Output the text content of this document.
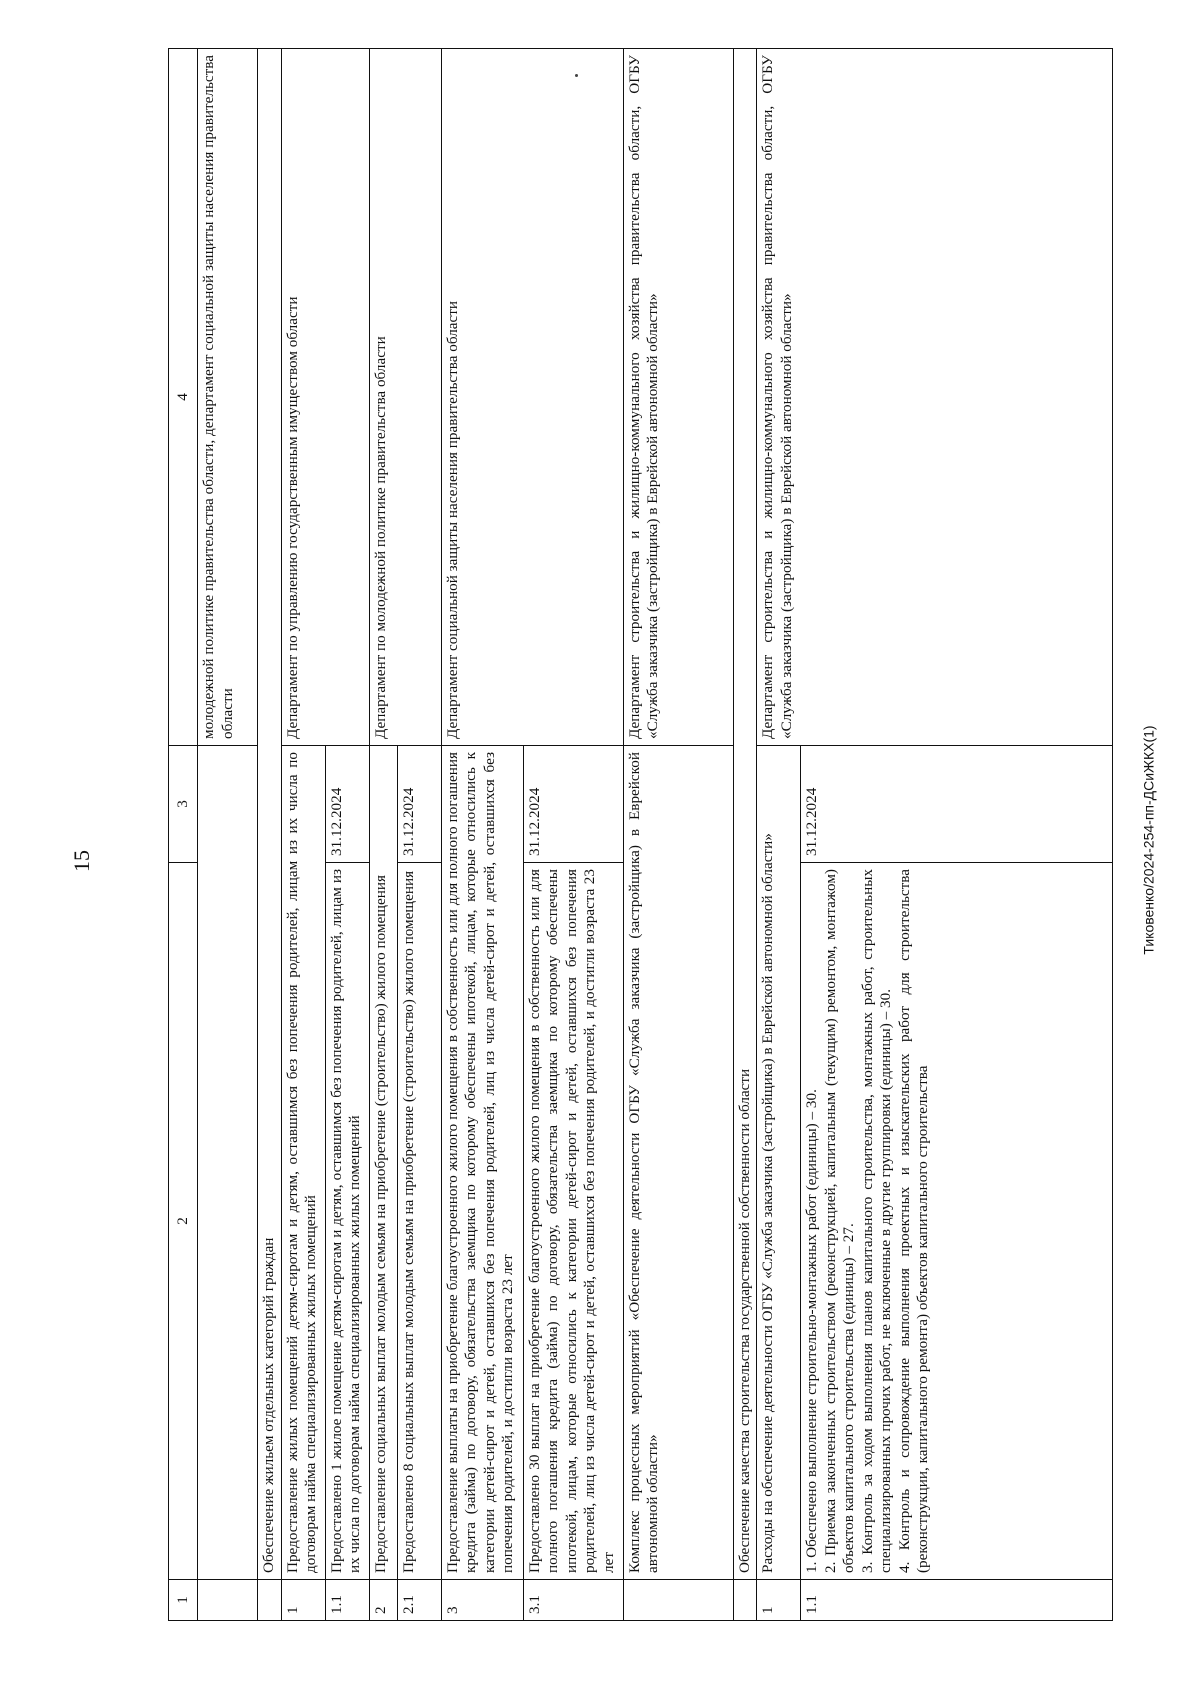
15	Тиковенко/2024-254-пп-ДСиЖКХ(1)
1	2	3	4
			молодежной политике правительства области, департамент социальной защиты населения правительства области
	Обеспечение жильем отдельных категорий граждан		
1	Предоставление жилых помещений детям-сиротам и детям, оставшимся без попечения родителей, лицам из их числа по договорам найма специализированных жилых помещений		Департамент по управлению государственным имуществом области
1.1	Предоставлено 1 жилое помещение детям-сиротам и детям, оставшимся без попечения родителей, лицам из их числа по договорам найма специализированных жилых помещений	31.12.2024	
2	Предоставление социальных выплат молодым семьям на приобретение (строительство) жилого помещения		Департамент по молодежной политике правительства области
2.1	Предоставлено 8 социальных выплат молодым семьям на приобретение (строительство) жилого помещения	31.12.2024	
3	Предоставление выплаты на приобретение благоустроенного жилого помещения в собственность или для полного погашения кредита (займа) по договору, обязательства заемщика по которому обеспечены ипотекой, лицам, которые относились к категории детей-сирот и детей, оставшихся без попечения родителей, лиц из числа детей-сирот и детей, оставшихся без попечения родителей, и достигли возраста 23 лет		Департамент социальной защиты населения правительства области
3.1	Предоставлено 30 выплат на приобретение благоустроенного жилого помещения в собственность или для полного погашения кредита (займа) по договору, обязательства заемщика по которому обеспечены ипотекой, лицам, которые относились к категории детей-сирот и детей, оставшихся без попечения родителей, лиц из числа детей-сирот и детей, оставшихся без попечения родителей, и достигли возраста 23 лет	31.12.2024	
	Комплекс процессных мероприятий «Обеспечение деятельности ОГБУ «Служба заказчика (застройщика) в Еврейской автономной области»		Департамент строительства и жилищно-коммунального хозяйства правительства области, ОГБУ «Служба заказчика (застройщика) в Еврейской автономной области»
	Обеспечение качества строительства государственной собственности области		
1	Расходы на обеспечение деятельности ОГБУ «Служба заказчика (застройщика) в Еврейской автономной области»		Департамент строительства и жилищно-коммунального хозяйства правительства области, ОГБУ «Служба заказчика (застройщика) в Еврейской автономной области»
1.1	1. Обеспечено выполнение строительно-монтажных работ (единицы) – 30. 2. Приемка законченных строительством (реконструкцией, капитальным (текущим) ремонтом, монтажом) объектов капитального строительства (единицы) – 27. 3. Контроль за ходом выполнения планов капитального строительства, монтажных работ, строительных специализированных прочих работ, не включенные в другие группировки (единицы) – 30. 4. Контроль и сопровождение выполнения проектных и изыскательских работ для строительства (реконструкции, капитального ремонта) объектов капитального строительства	31.12.2024	
